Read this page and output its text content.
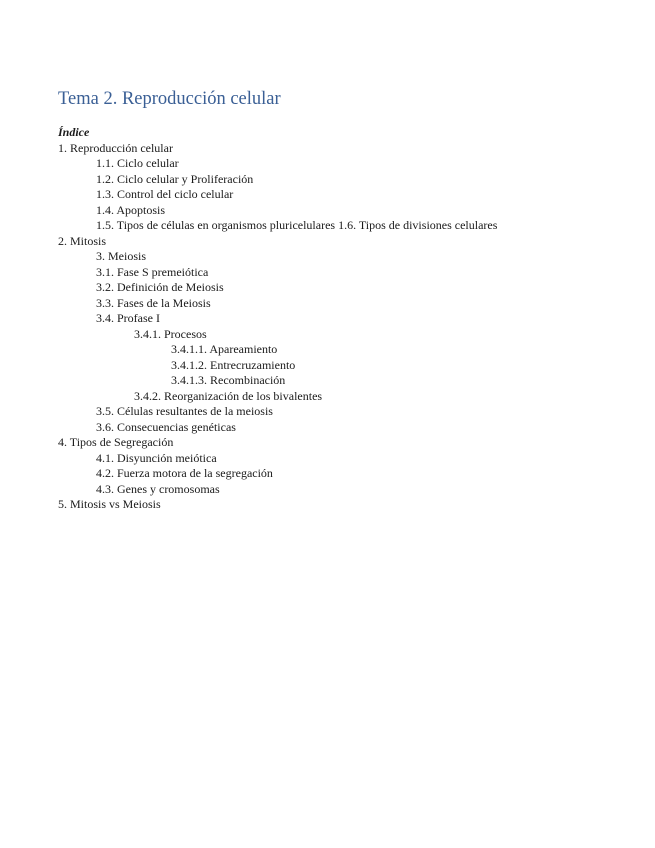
Tema 2. Reproducción celular
Índice
1. Reproducción celular
1.1. Ciclo celular
1.2. Ciclo celular y Proliferación
1.3. Control del ciclo celular
1.4. Apoptosis
1.5. Tipos de células en organismos pluricelulares 1.6. Tipos de divisiones celulares
2. Mitosis
3. Meiosis
3.1. Fase S premeiótica
3.2. Definición de Meiosis
3.3. Fases de la Meiosis
3.4. Profase I
3.4.1. Procesos
3.4.1.1. Apareamiento
3.4.1.2. Entrecruzamiento
3.4.1.3. Recombinación
3.4.2. Reorganización de los bivalentes
3.5. Células resultantes de la meiosis
3.6. Consecuencias genéticas
4. Tipos de Segregación
4.1. Disyunción meiótica
4.2. Fuerza motora de la segregación
4.3. Genes y cromosomas
5. Mitosis vs Meiosis
